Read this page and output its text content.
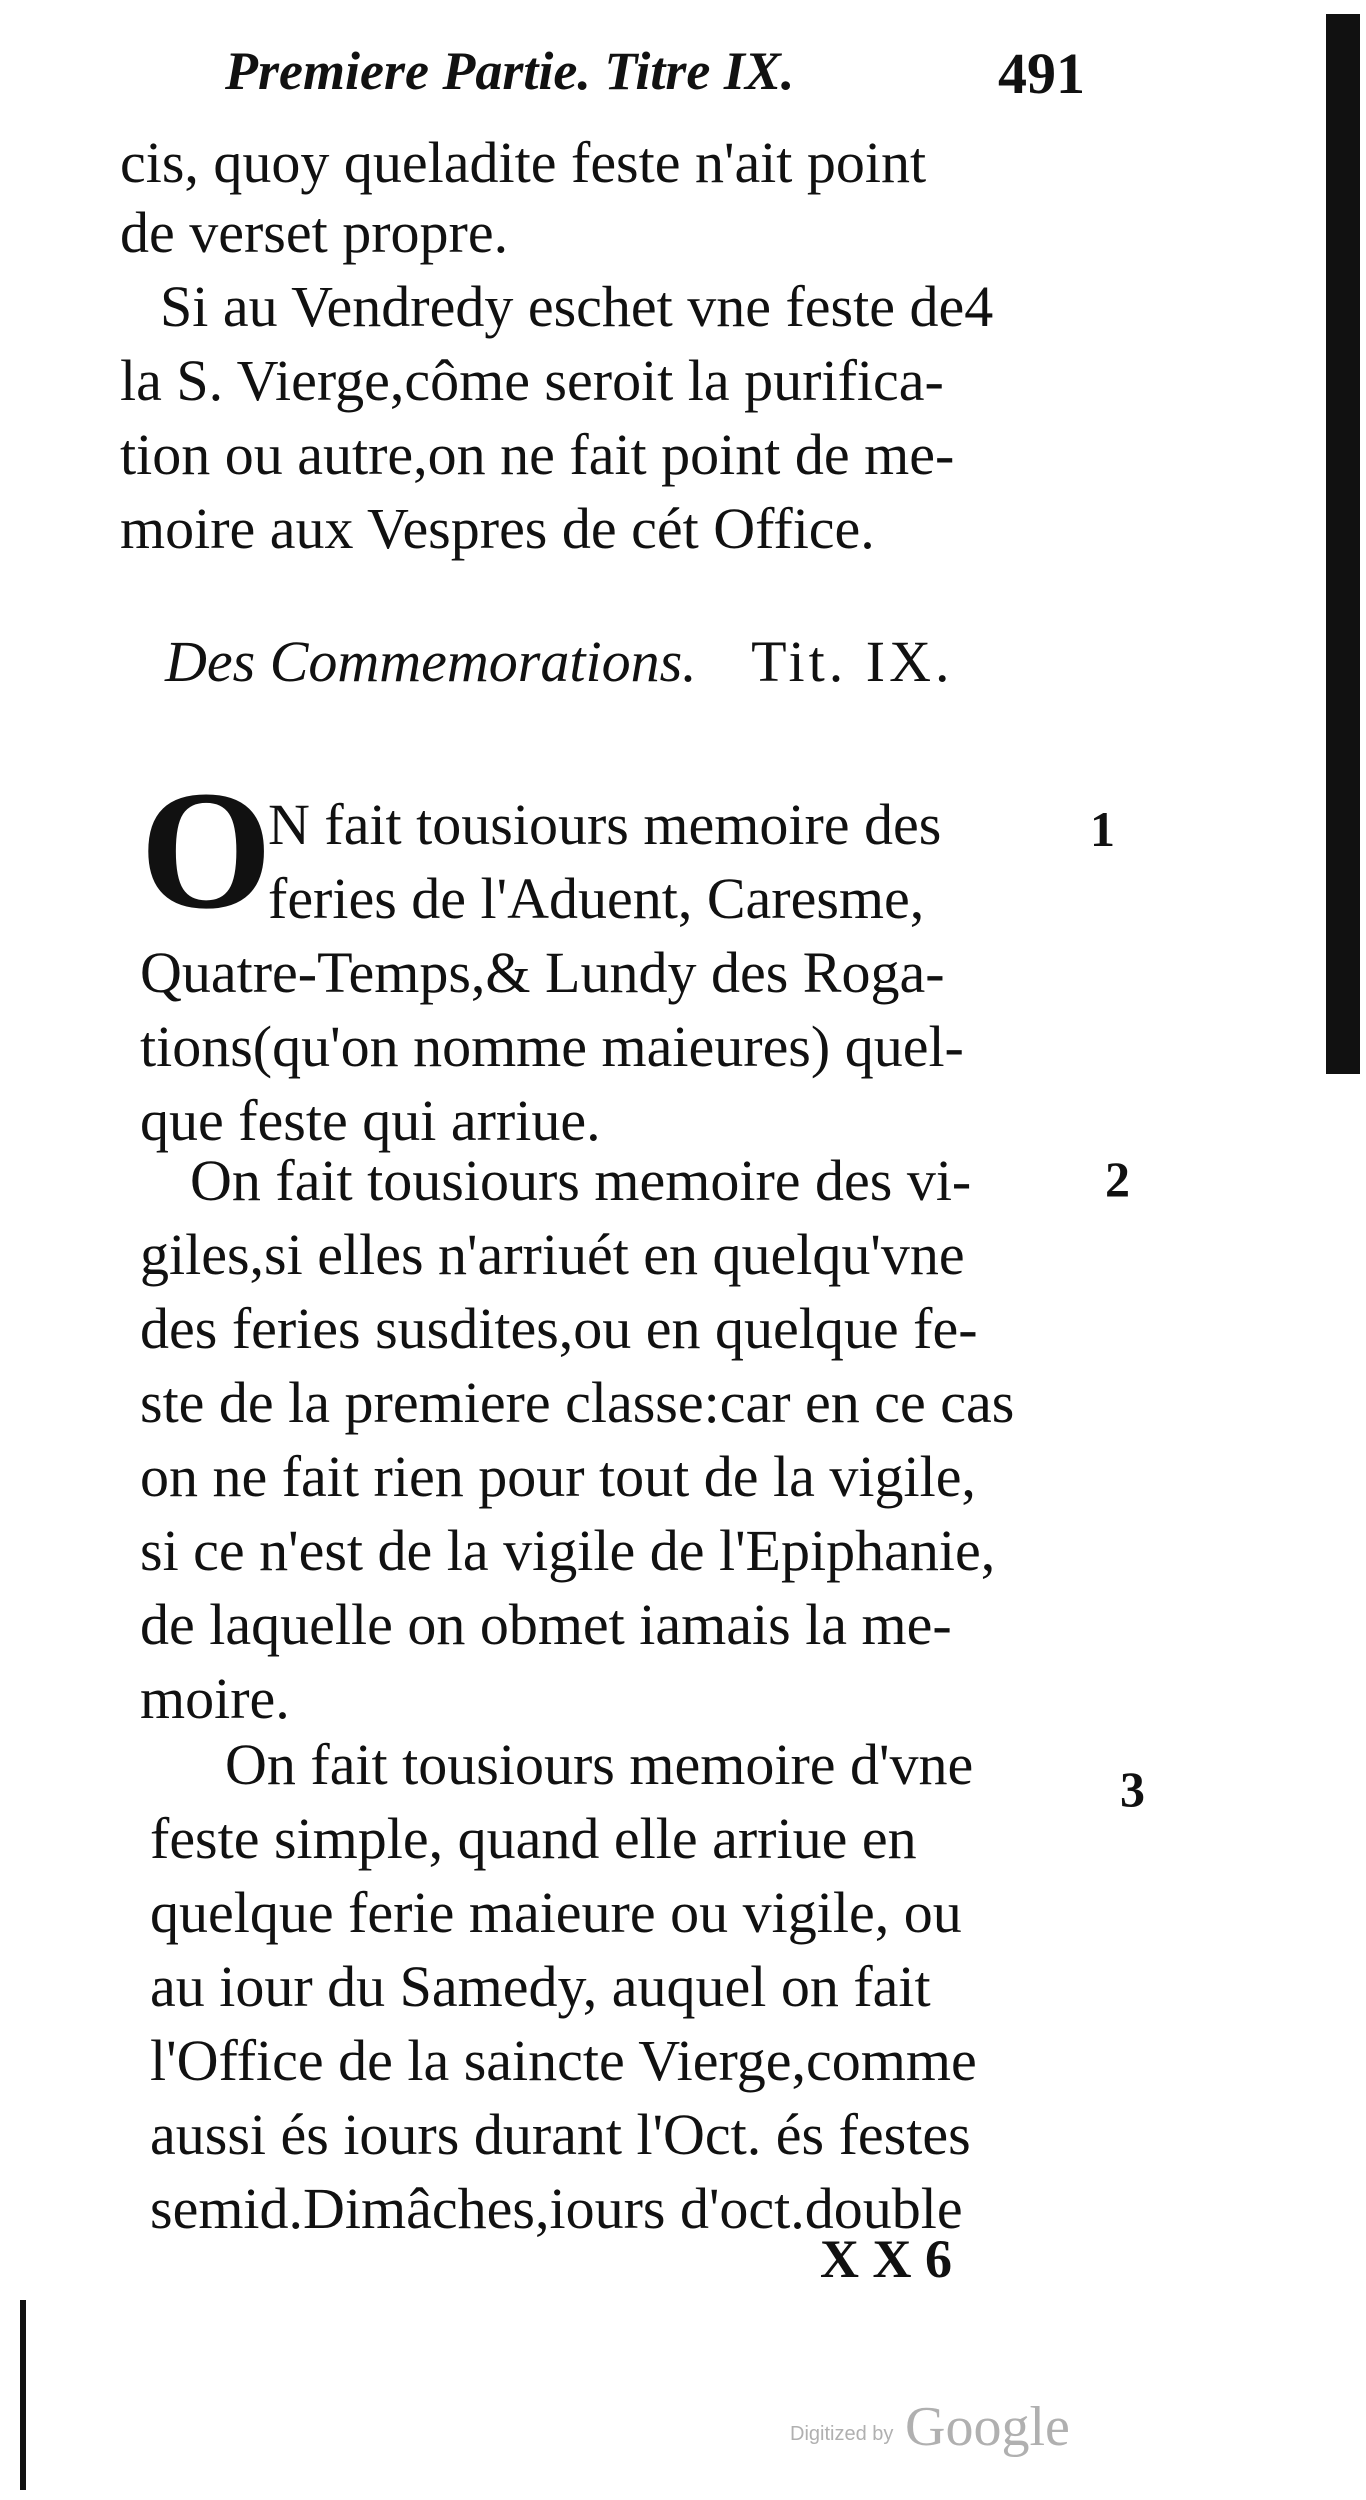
Premiere Partie. Titre IX.	491
cis, quoy queladite feste n'ait point
de verset propre.
Si au Vendredy eschet vne feste de4
la S. Vierge,côme seroit la purifica-
tion ou autre,on ne fait point de me-
moire aux Vespres de cét Office.
Des Commemorations. Tit. IX.
O
N fait tousiours memoire des
feries de l'Aduent, Caresme,
Quatre-Temps,& Lundy des Roga-
tions(qu'on nomme maieures) quel-
que feste qui arriue.
1
On fait tousiours memoire des vi-
giles,si elles n'arriuét en quelqu'vne
des feries susdites,ou en quelque fe-
ste de la premiere classe:car en ce cas
on ne fait rien pour tout de la vigile,
si ce n'est de la vigile de l'Epiphanie,
de laquelle on obmet iamais la me-
moire.
2
On fait tousiours memoire d'vne
feste simple, quand elle arriue en
quelque ferie maieure ou vigile, ou
au iour du Samedy, auquel on fait
l'Office de la saincte Vierge,comme
aussi és iours durant l'Oct. és festes
semid.Dimâches,iours d'oct.double
3
X X 6
Digitized by Google
